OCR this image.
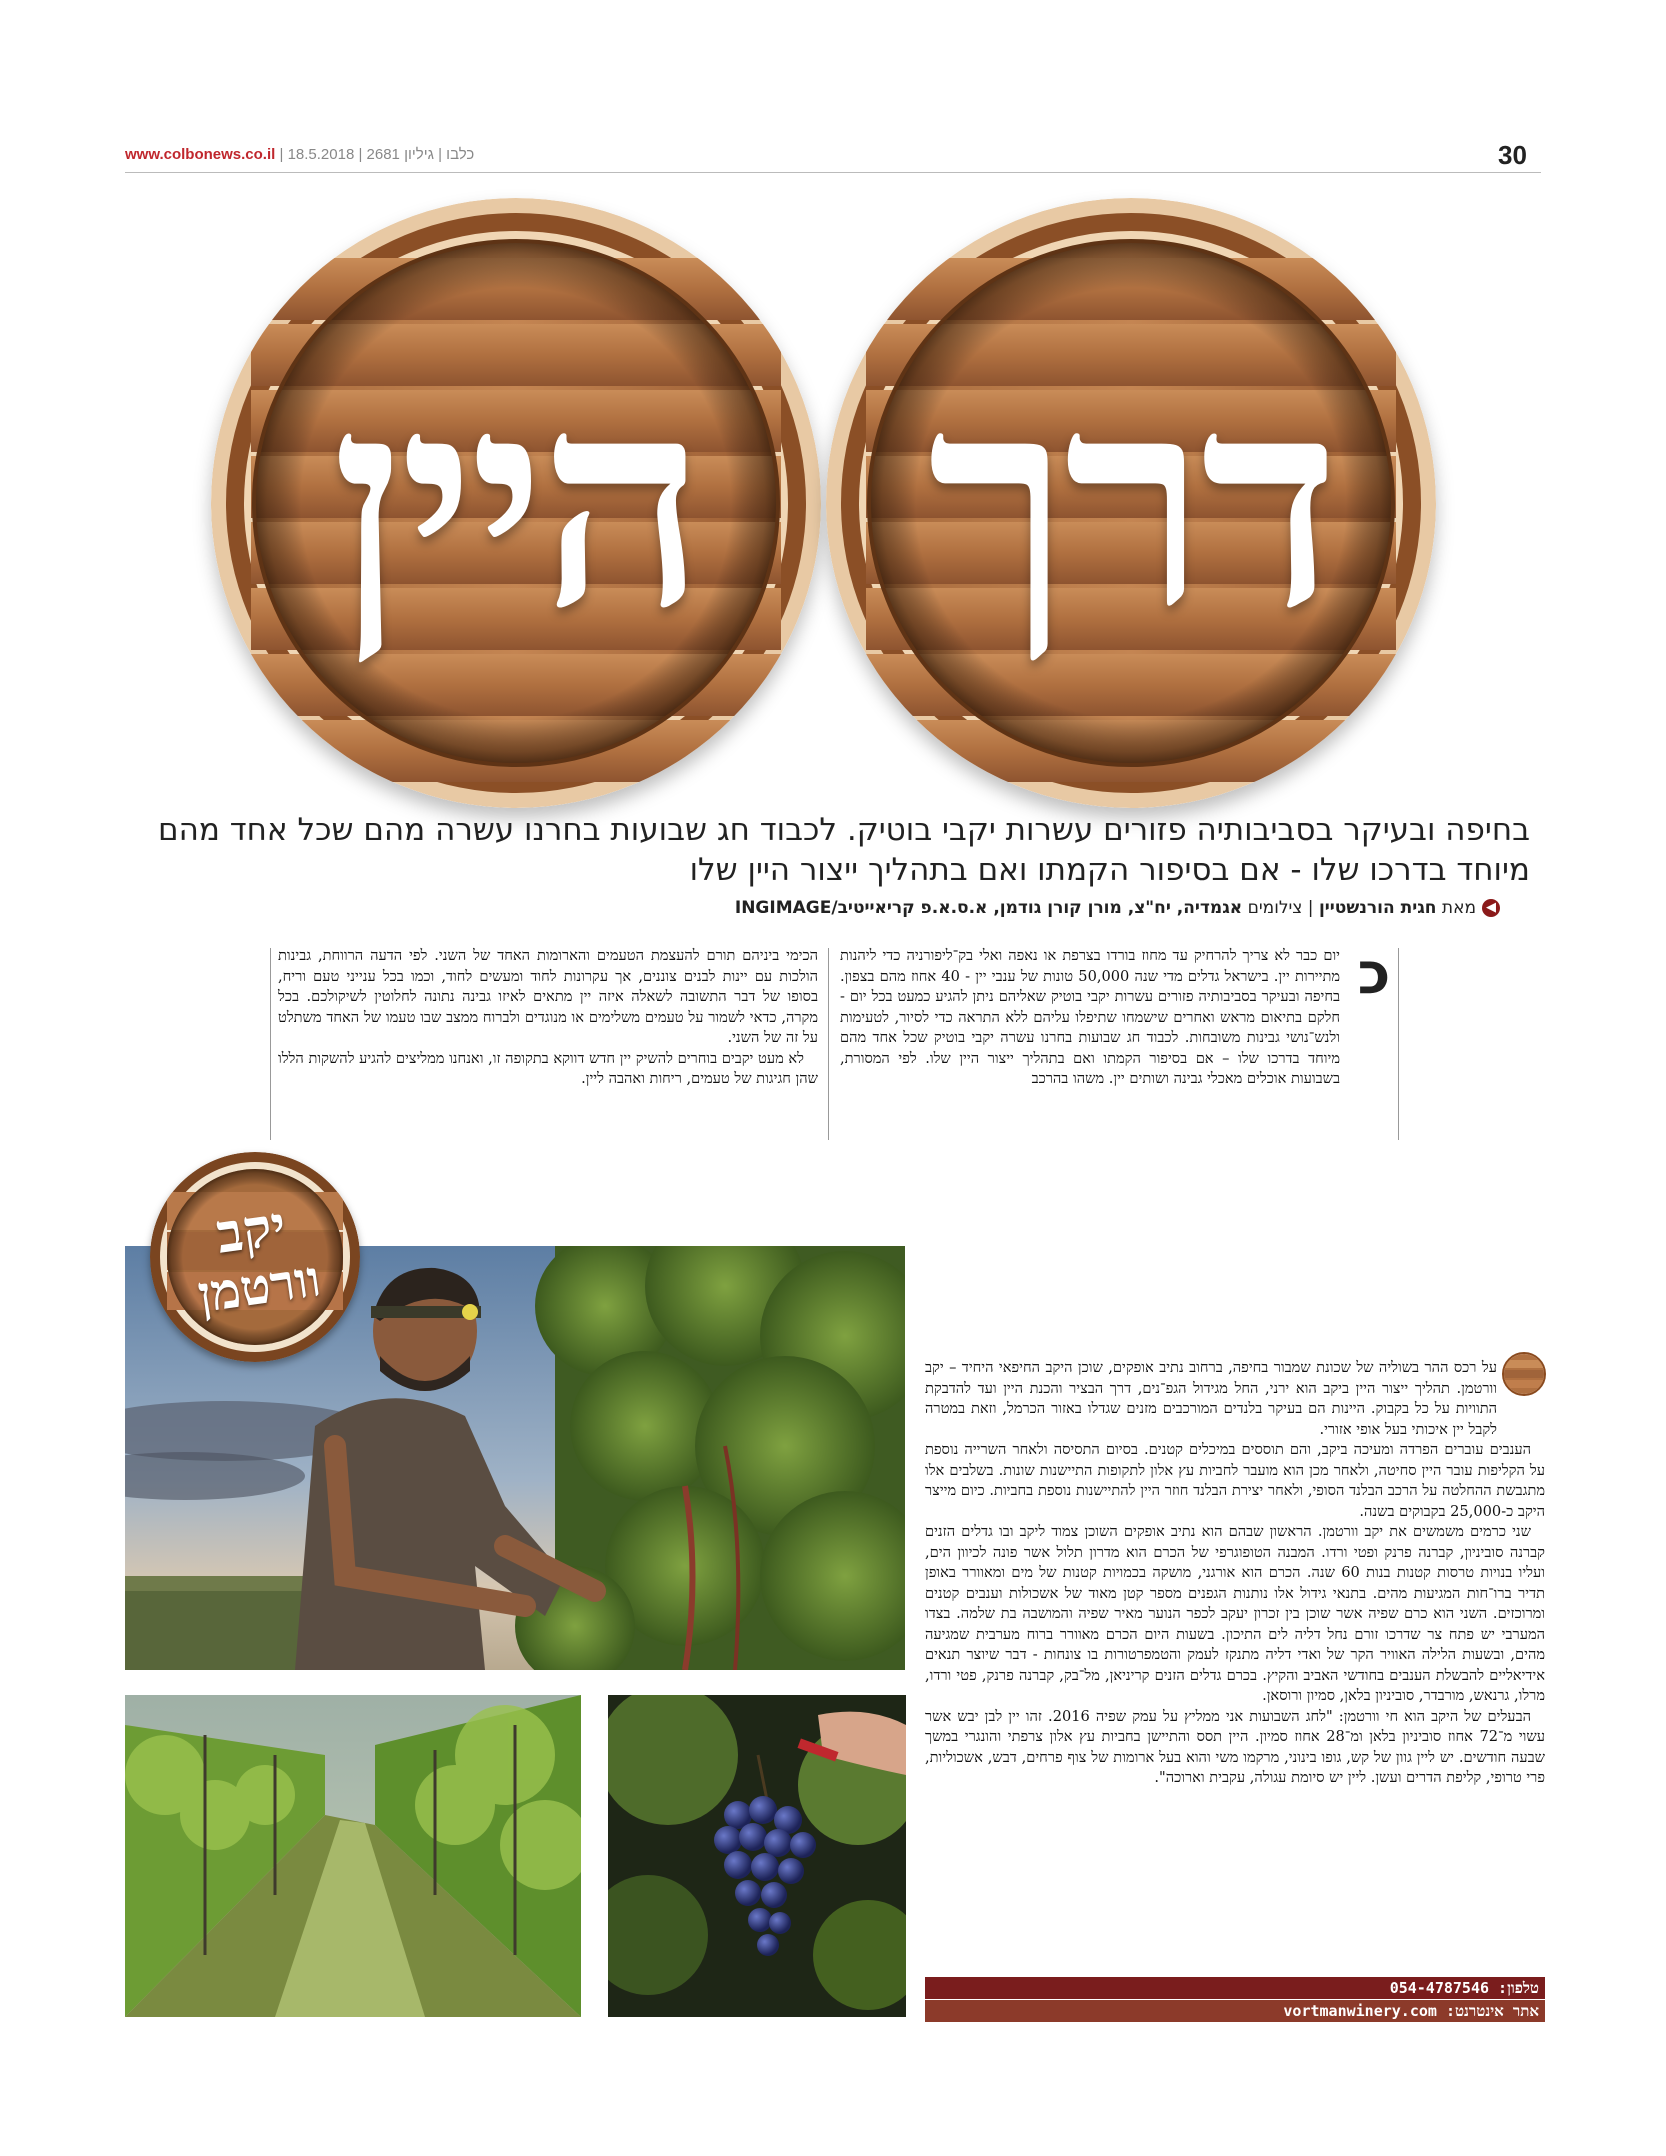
www.colbonews.co.il | כלבו | גיליון 2681 | 18.5.2018	30
היין דרך
בחיפה ובעיקר בסביבותיה פזורים עשרות יקבי בוטיק. לכבוד חג שבועות בחרנו עשרה מהם שכל אחד מהם מיוחד בדרכו שלו - אם בסיפור הקמתו ואם בתהליך ייצור היין שלו
◀מאת חגית הורנשטיין | צילומים אגמדיה, יח"צ, מורן קורן גודמן, א.ס.א.פ קריאייטיב/INGIMAGE
כ
יום כבר לא צריך להרחיק עד מחוז בורדו בצרפת או נאפה ואלי בק־ליפורניה כדי ליהנות מתיירות יין. בישראל גדלים מדי שנה 50,000 טונות של ענבי יין - 40 אחוז מהם בצפון. בחיפה ובעיקר בסביבותיה פזורים עשרות יקבי בוטיק שאליהם ניתן להגיע כמעט בכל יום - חלקם בתיאום מראש ואחרים שישמחו שתיפלו עליהם ללא התראה כדי לסיור, לטעימות ולנש־נושי גבינות משובחות. לכבוד חג שבועות בחרנו עשרה יקבי בוטיק שכל אחד מהם מיוחד בדרכו שלו – אם בסיפור הקמתו ואם בתהליך ייצור היין שלו. לפי המסורת, בשבועות אוכלים מאכלי גבינה ושותים יין. משהו בהרכב
הכימי ביניהם תורם להעצמת הטעמים והארומות האחד של השני. לפי הדעה הרווחת, גבינות הולכות עם יינות לבנים צוננים, אך עקרונות לחוד ומעשים לחוד, וכמו בכל ענייני טעם וריח, בסופו של דבר התשובה לשאלה איזה יין מתאים לאיזו גבינה נתונה לחלוטין לשיקולכם. בכל מקרה, כדאי לשמור על טעמים משלימים או מנוגדים ולברוח ממצב שבו טעמו של האחד משתלט על זה של השני.
לא מעט יקבים בוחרים להשיק יין חדש דווקא בתקופה זו, ואנחנו ממליצים להגיע להשקות הללו שהן חגיגות של טעמים, ריחות ואהבה ליין.
יקב
וורטמן

על רכס ההר בשוליה של שכונת שמבור בחיפה, ברחוב נתיב אופקים, שוכן היקב החיפאי היחיד – יקב וורטמן. תהליך ייצור היין ביקב הוא ירני, החל מגידול הגפ־נים, דרך הבציר והכנת היין ועד להדבקת התוויות על כל בקבוק. היינות הם בעיקר בלנדים המורכבים מזנים שגדלו באזור הכרמל, וזאת במטרה לקבל יין איכותי בעל אופי אזורי.

הענבים עוברים הפרדה ומעיכה ביקב, והם תוססים במיכלים קטנים. בסיום התסיסה ולאחר השרייה נוספת על הקליפות עובר היין סחיטה, ולאחר מכן הוא מועבר לחביות עץ אלון לתקופות התיישנות שונות. בשלבים אלו מתגבשת ההחלטה על הרכב הבלנד הסופי, ולאחר יצירת הבלנד חוזר היין להתיישנות נוספת בחביות. כיום מייצר היקב כ-25,000 בקבוקים בשנה.

שני כרמים משמשים את יקב וורטמן. הראשון שבהם הוא נתיב אופקים השוכן צמוד ליקב ובו גדלים הזנים קברנה סוביניון, קברנה פרנק ופטי ורדו. המבנה הטופוגרפי של הכרם הוא מדרון תלול אשר פונה לכיוון הים, ועליו בנויות טרסות קטנות בנות 60 שנה. הכרם הוא אורגני, מושקה בכמויות קטנות של מים ומאוורר באופן תדיר ברו־חות המגיעות מהים. בתנאי גידול אלו נותנות הגפנים מספר קטן מאוד של אשכולות וענבים קטנים ומרוכזים. השני הוא כרם שפיה אשר שוכן בין זכרון יעקב לכפר הנוער מאיר שפיה והמושבה בת שלמה. בצדו המערבי יש פתח צר שדרכו זורם נחל דליה לים התיכון. בשעות היום הכרם מאוורר ברוח מערבית שמגיעה מהים, ובשעות הלילה האוויר הקר של ואדי דליה מתנקז לעמק והטמפרטורות בו צונחות - דבר שיוצר תנאים אידיאליים להבשלת הענבים בחודשי האביב והקיץ. בכרם גדלים הזנים קריניאן, מל־בק, קברנה פרנק, פטי ורדו, מרלו, גרנאש, מורבדר, סוביניון בלאן, סמיון ורוסאן.

הבעלים של היקב הוא חי וורטמן: "לחג השבועות אני ממליץ על עמק שפיה 2016. זהו יין לבן יבש אשר עשוי מ־72 אחוז סוביניון בלאן ומ־28 אחוז סמיון. היין תסס והתיישן בחביות עץ אלון צרפתי והונגרי במשך שבעה חודשים. יש ליין גוון של קש, גופו בינוני, מרקמו משי והוא בעל ארומות של צוף פרחים, דבש, אשכוליות, פרי טרופי, קליפת הדרים ועשן. ליין יש סיומת עגולה, עקבית וארוכה".

טלפון: 054-4787546
אתר אינטרנט: vortmanwinery.com
